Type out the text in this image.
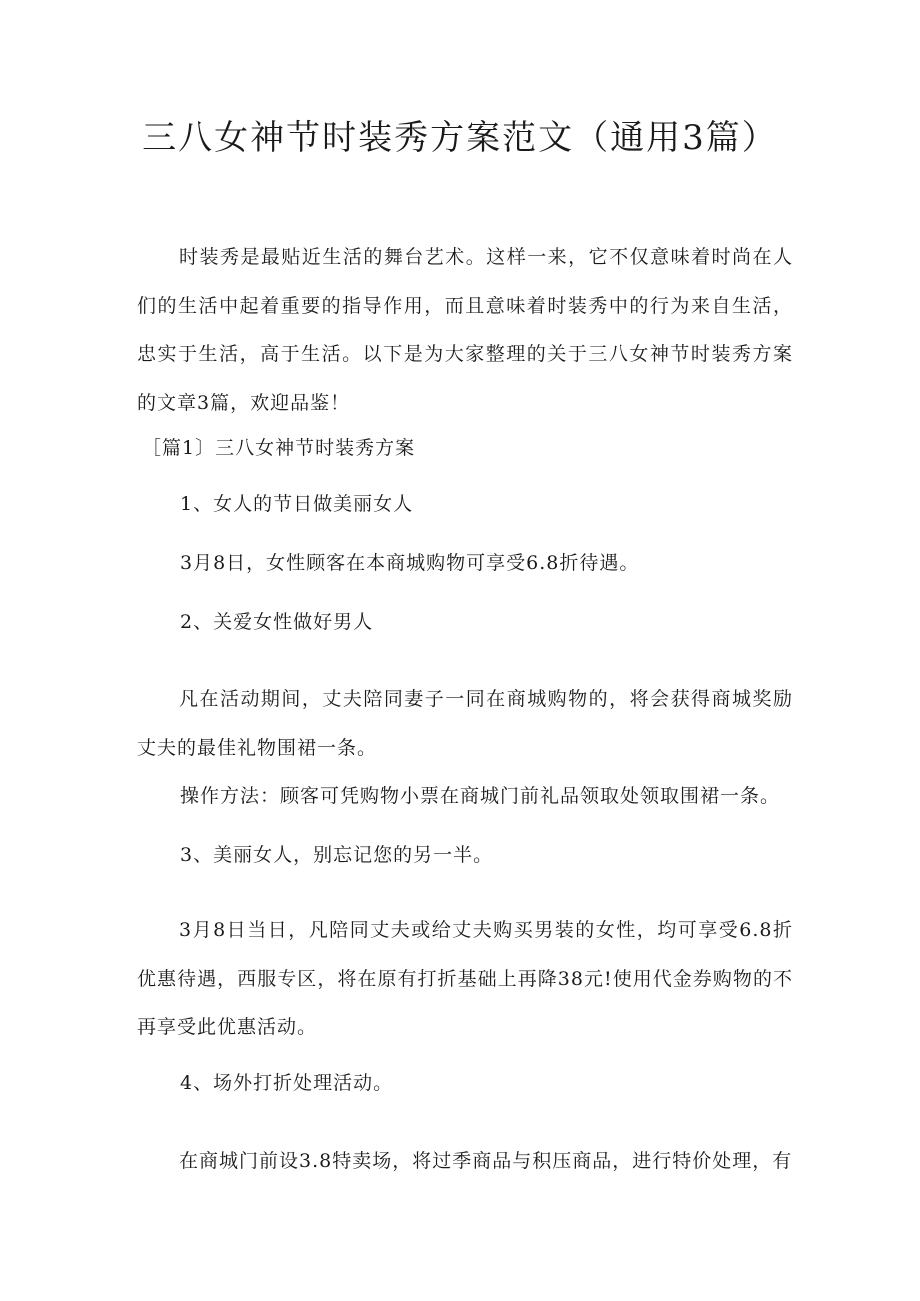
三八女神节时装秀方案范文（通用3篇）
时装秀是最贴近生活的舞台艺术。这样一来，它不仅意味着时尚在人们的生活中起着重要的指导作用，而且意味着时装秀中的行为来自生活，忠实于生活，高于生活。以下是为大家整理的关于三八女神节时装秀方案的文章3篇，欢迎品鉴！
［篇1〕三八女神节时装秀方案
1、女人的节日做美丽女人
3月8日，女性顾客在本商城购物可享受6.8折待遇。
2、关爱女性做好男人
凡在活动期间，丈夫陪同妻子一同在商城购物的，将会获得商城奖励丈夫的最佳礼物围裙一条。
操作方法：顾客可凭购物小票在商城门前礼品领取处领取围裙一条。
3、美丽女人，别忘记您的另一半。
3月8日当日，凡陪同丈夫或给丈夫购买男装的女性，均可享受6.8折优惠待遇，西服专区，将在原有打折基础上再降38元!使用代金券购物的不再享受此优惠活动。
4、场外打折处理活动。
在商城门前设3.8特卖场，将过季商品与积压商品，进行特价处理，有
